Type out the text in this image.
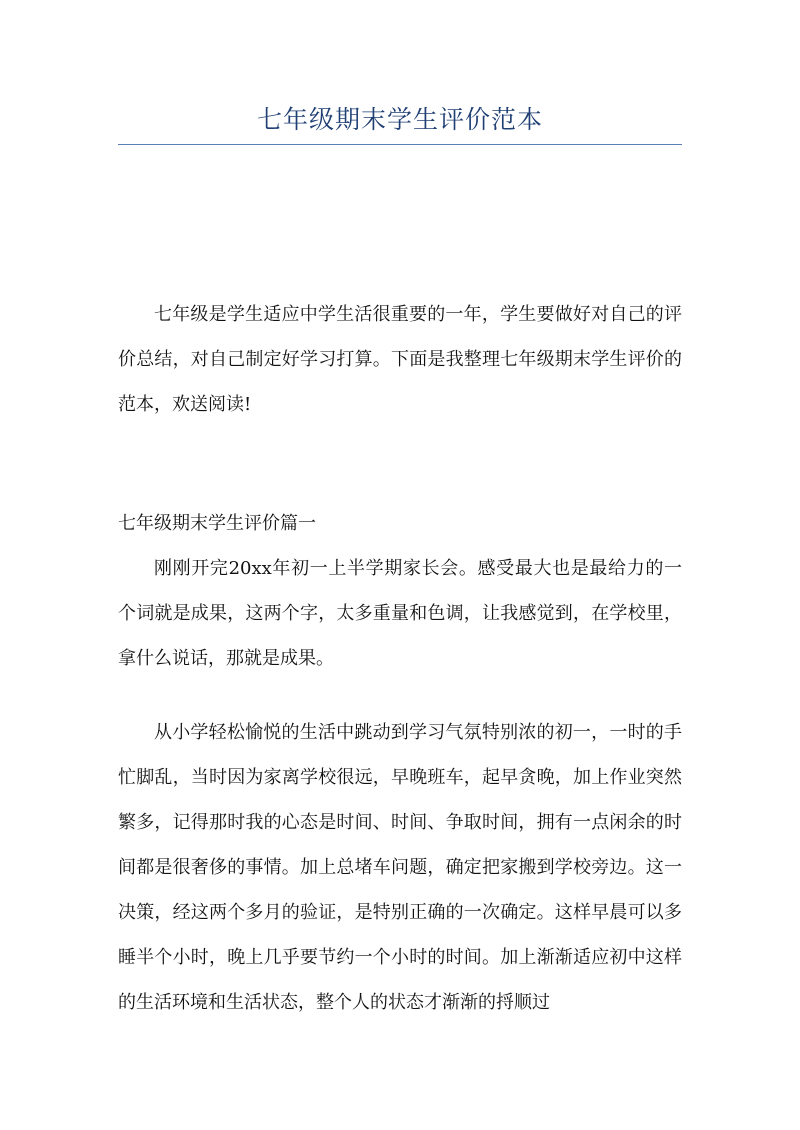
七年级期末学生评价范本

七年级是学生适应中学生活很重要的一年，学生要做好对自己的评价总结，对自己制定好学习打算。下面是我整理七年级期末学生评价的范本，欢送阅读!

七年级期末学生评价篇一

刚刚开完20xx年初一上半学期家长会。感受最大也是最给力的一个词就是成果，这两个字，太多重量和色调，让我感觉到，在学校里，拿什么说话，那就是成果。

从小学轻松愉悦的生活中跳动到学习气氛特别浓的初一，一时的手忙脚乱，当时因为家离学校很远，早晚班车，起早贪晚，加上作业突然繁多，记得那时我的心态是时间、时间、争取时间，拥有一点闲余的时间都是很奢侈的事情。加上总堵车问题，确定把家搬到学校旁边。这一决策，经这两个多月的验证，是特别正确的一次确定。这样早晨可以多睡半个小时，晚上几乎要节约一个小时的时间。加上渐渐适应初中这样的生活环境和生活状态，整个人的状态才渐渐的捋顺过
